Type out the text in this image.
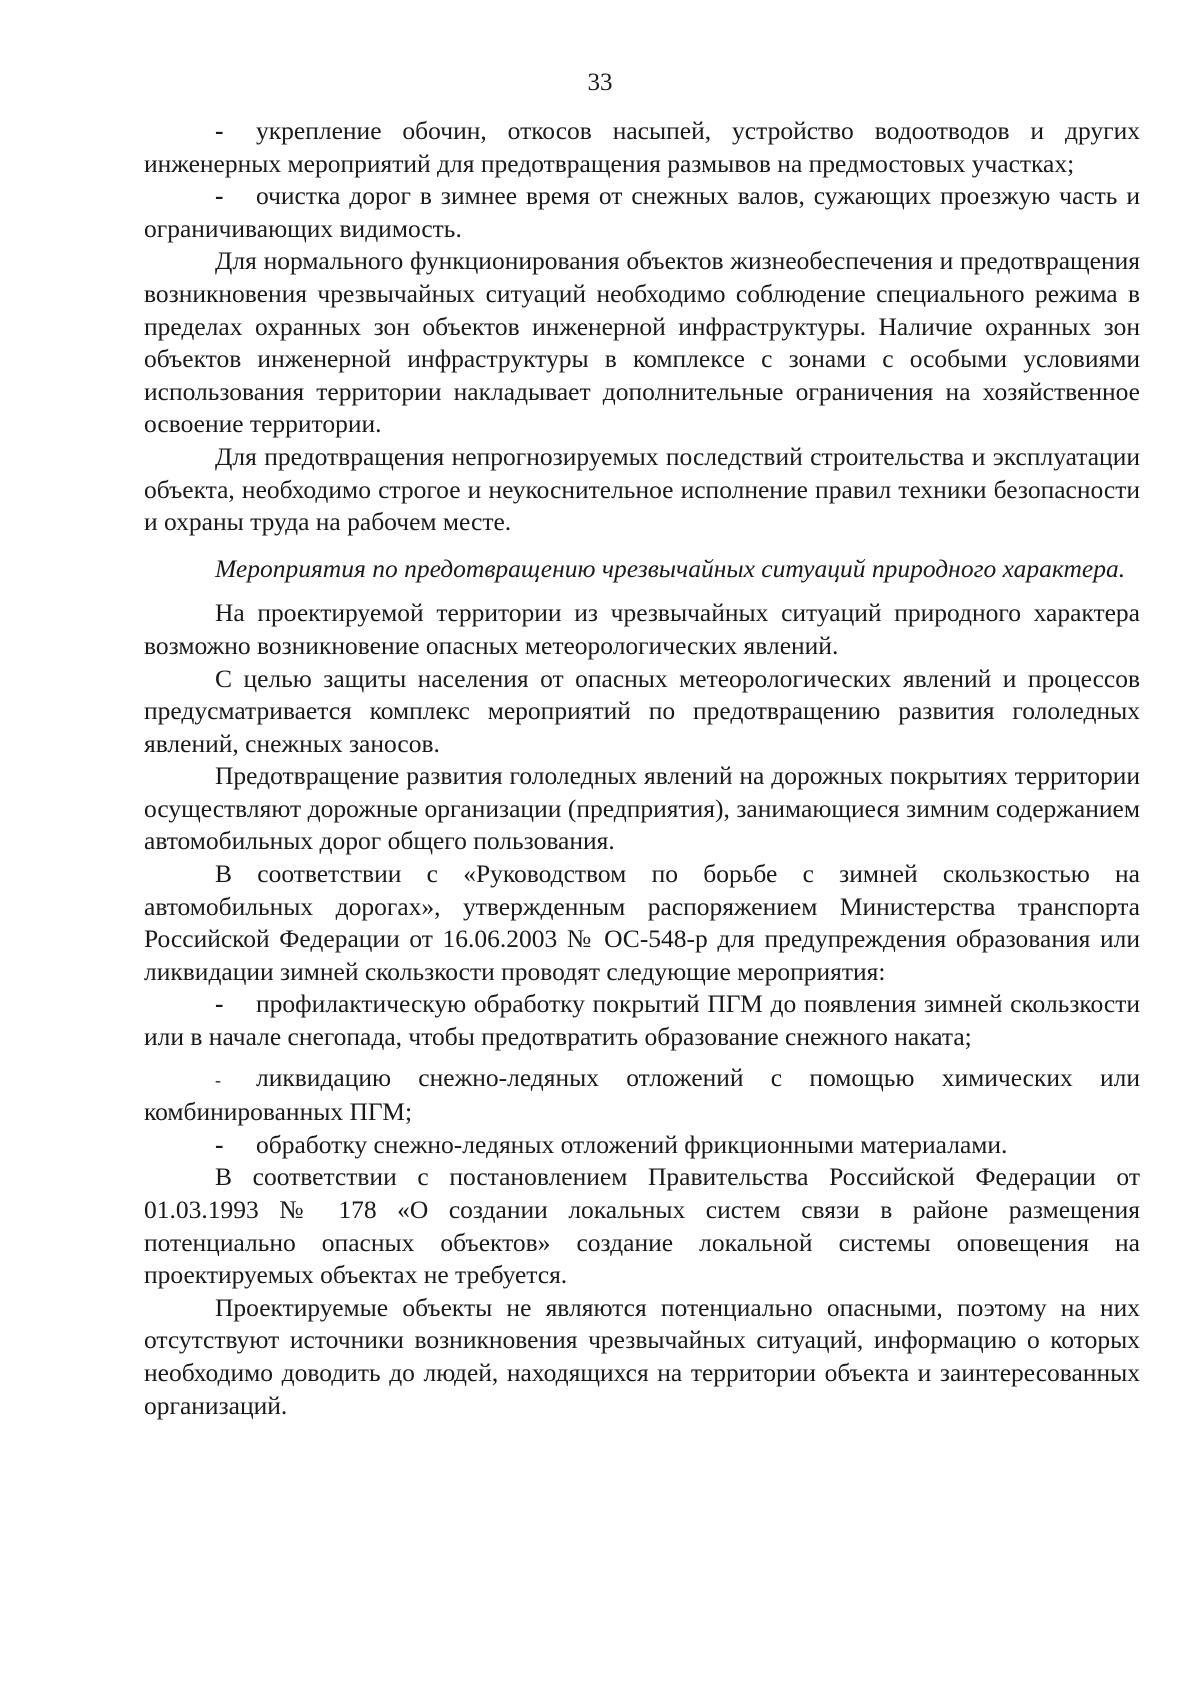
33

- укрепление обочин, откосов насыпей, устройство водоотводов и других инженерных мероприятий для предотвращения размывов на предмостовых участках;

- очистка дорог в зимнее время от снежных валов, сужающих проезжую часть и ограничивающих видимость.

Для нормального функционирования объектов жизнеобеспечения и предотвращения возникновения чрезвычайных ситуаций необходимо соблюдение специального режима в пределах охранных зон объектов инженерной инфраструктуры. Наличие охранных зон объектов инженерной инфраструктуры в комплексе с зонами с особыми условиями использования территории накладывает дополнительные ограничения на хозяйственное освоение территории.

Для предотвращения непрогнозируемых последствий строительства и эксплуатации объекта, необходимо строгое и неукоснительное исполнение правил техники безопасности и охраны труда на рабочем месте.

Мероприятия по предотвращению чрезвычайных ситуаций природного характера.

На проектируемой территории из чрезвычайных ситуаций природного характера возможно возникновение опасных метеорологических явлений.

С целью защиты населения от опасных метеорологических явлений и процессов предусматривается комплекс мероприятий по предотвращению развития гололедных явлений, снежных заносов.

Предотвращение развития гололедных явлений на дорожных покрытиях территории осуществляют дорожные организации (предприятия), занимающиеся зимним содержанием автомобильных дорог общего пользования.

В соответствии с «Руководством по борьбе с зимней скользкостью на автомобильных дорогах», утвержденным распоряжением Министерства транспорта Российской Федерации от 16.06.2003 № ОС-548-р для предупреждения образования или ликвидации зимней скользкости проводят следующие мероприятия:

- профилактическую обработку покрытий ПГМ до появления зимней скользкости или в начале снегопада, чтобы предотвратить образование снежного наката;

- ликвидацию снежно-ледяных отложений с помощью химических или комбинированных ПГМ;

- обработку снежно-ледяных отложений фрикционными материалами.

В соответствии с постановлением Правительства Российской Федерации от 01.03.1993 № 178 «О создании локальных систем связи в районе размещения потенциально опасных объектов» создание локальной системы оповещения на проектируемых объектах не требуется.

Проектируемые объекты не являются потенциально опасными, поэтому на них отсутствуют источники возникновения чрезвычайных ситуаций, информацию о которых необходимо доводить до людей, находящихся на территории объекта и заинтересованных организаций.
